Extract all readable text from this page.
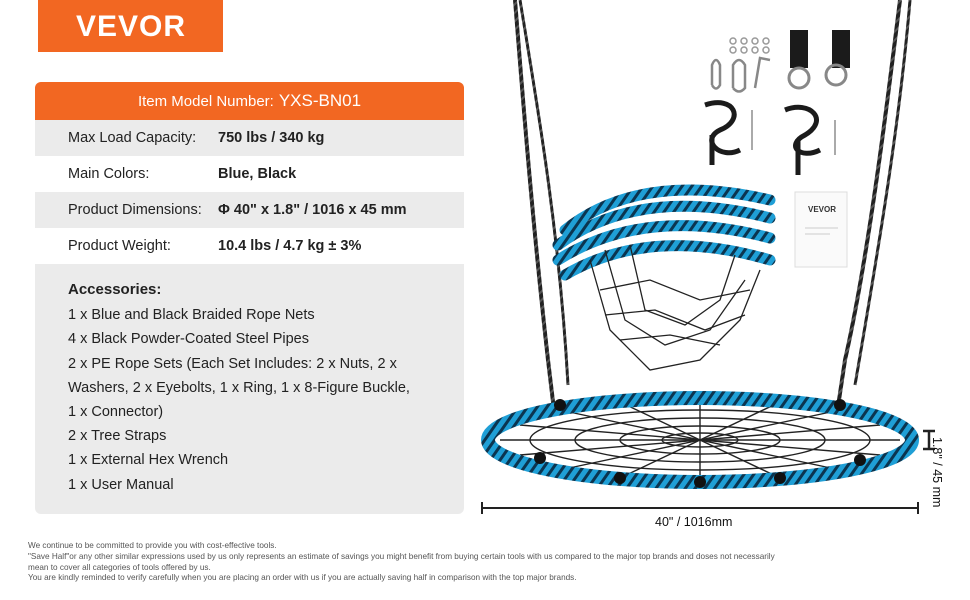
VEVOR
Item Model Number: YXS-BN01
Max Load Capacity:	750 lbs / 340 kg
Main Colors:	Blue, Black
Product Dimensions:	Φ 40" x 1.8" / 1016 x 45 mm
Product Weight:	10.4 lbs / 4.7 kg ± 3%
Accessories:
1 x Blue and Black Braided Rope Nets
4 x Black Powder-Coated Steel Pipes
2 x PE Rope Sets (Each Set Includes: 2 x Nuts, 2 x
Washers, 2 x Eyebolts, 1 x Ring, 1 x 8-Figure Buckle,
1 x Connector)
2 x Tree Straps
1 x External Hex Wrench
1 x User Manual
VEVOR
40" / 1016mm
1.8" / 45 mm
We continue to be committed to provide you with cost-effective tools.
"Save Half"or any other similar expressions used by us only represents an estimate of savings you might benefit from buying certain tools with us compared to the major top brands and doses not necessarily
mean to cover all categories of tools offered by us.
You are kindly reminded to verify carefully when you are placing an order with us if you are actually saving half in comparison with the top major brands.
